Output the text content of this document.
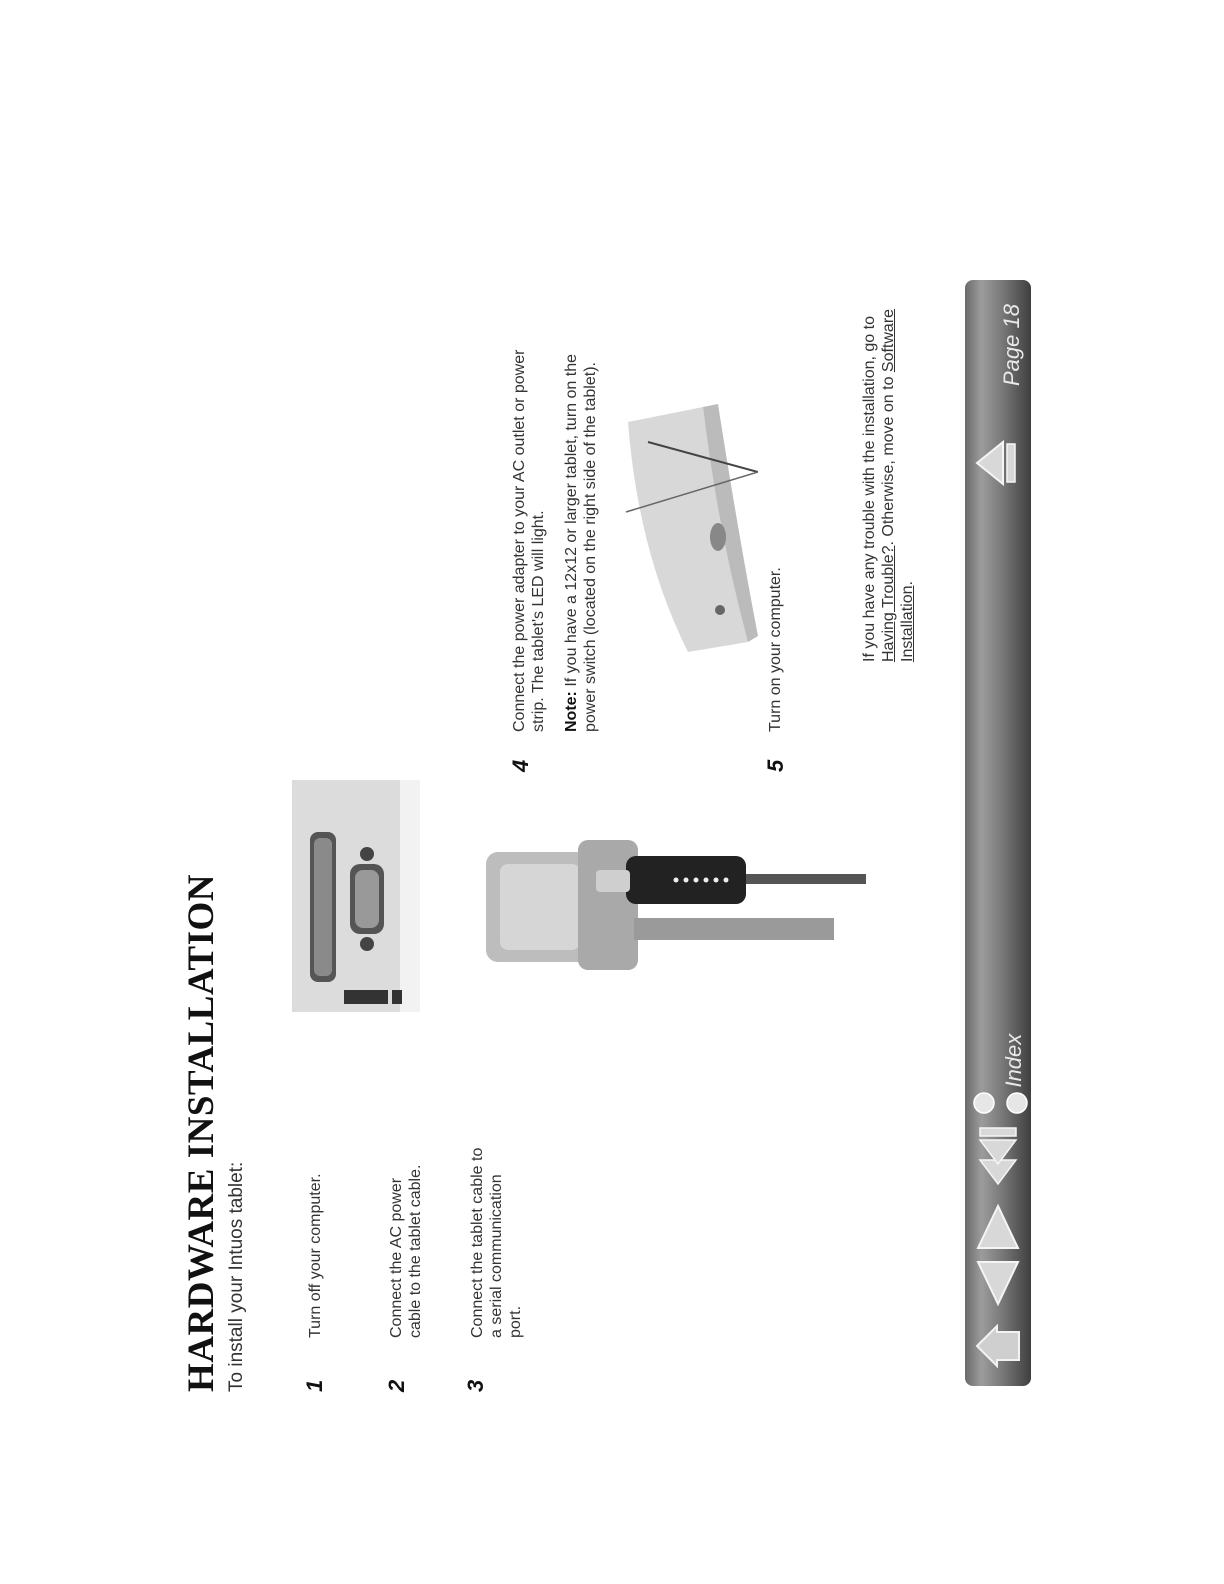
HARDWARE INSTALLATION To install your Intuos tablet:	1
Turn off your computer.
2
Connect the AC power cable to the tablet cable.
3
Connect the tablet cable to a serial communication port.
4
Connect the power adapter to your AC outlet or power strip. The tablet's LED will light. Note: If you have a 12x12 or larger tablet, turn on the power switch (located on the right side of the tablet).
5
Turn on your computer.	If you have any trouble with the installation, go to Having Trouble?. Otherwise, move on to Software Installation.
Index
Page 18
